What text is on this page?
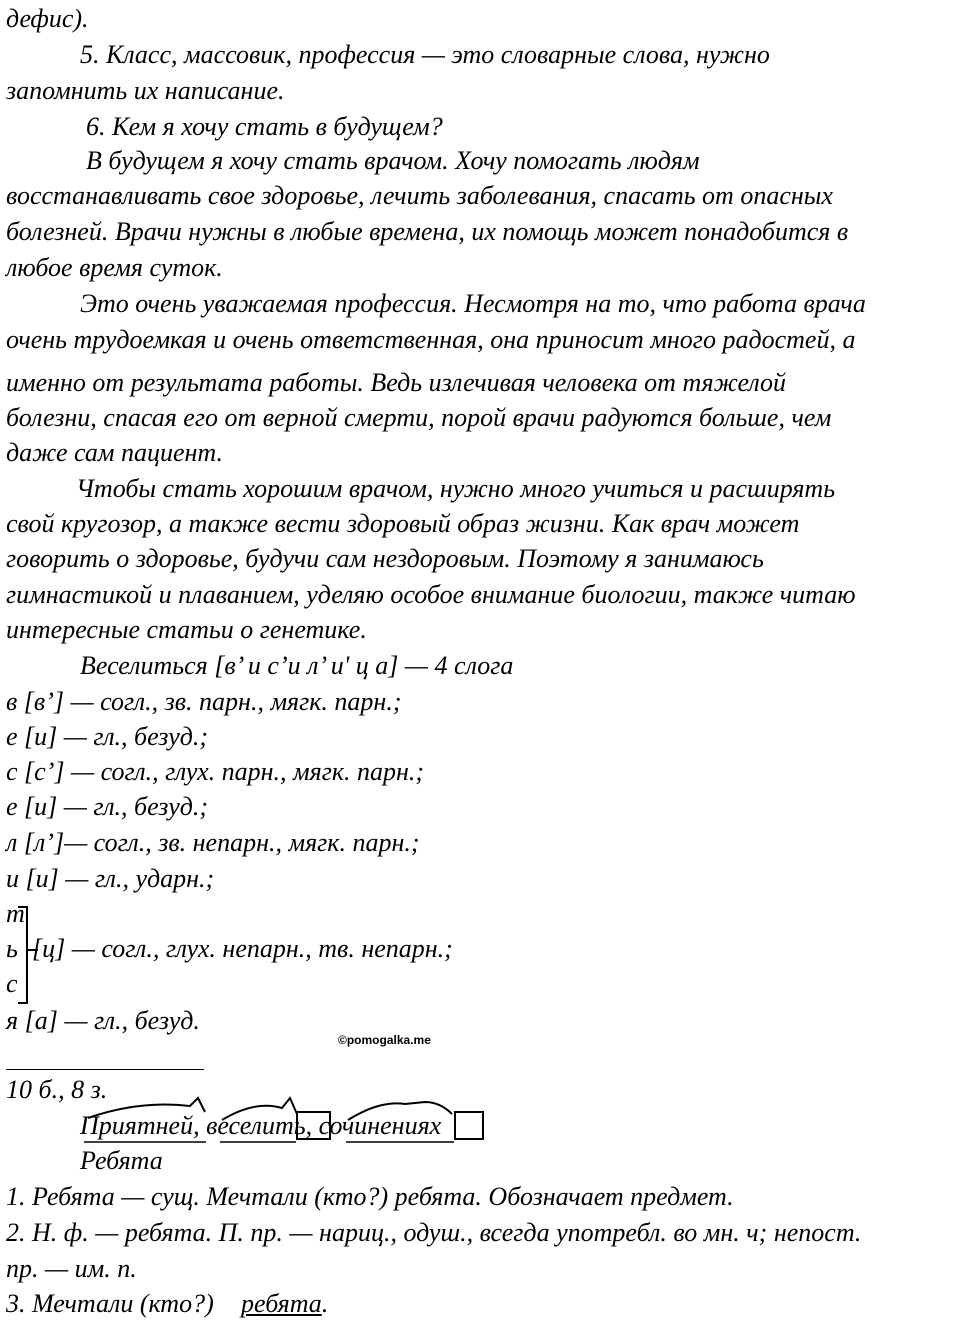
дефис).
5. Класс, массовик, профессия — это словарные слова, нужно
запомнить их написание.
6. Кем я хочу стать в будущем?
В будущем я хочу стать врачом. Хочу помогать людям
восстанавливать свое здоровье, лечить заболевания, спасать от опасных
болезней. Врачи нужны в любые времена, их помощь может понадобится в
любое время суток.
Это очень уважаемая профессия. Несмотря на то, что работа врача
очень трудоемкая и очень ответственная, она приносит много радостей, а
именно от результата работы. Ведь излечивая человека от тяжелой
болезни, спасая его от верной смерти, порой врачи радуются больше, чем
даже сам пациент.
Чтобы стать хорошим врачом, нужно много учиться и расширять
свой кругозор, а также вести здоровый образ жизни. Как врач может
говорить о здоровье, будучи сам нездоровым. Поэтому я занимаюсь
гимнастикой и плаванием, уделяю особое внимание биологии, также читаю
интересные статьи о генетике.
Веселиться [в’ и с’и л’ и' ц а] — 4 слога
в [в’] — согл., зв. парн., мягк. парн.;
е [и] — гл., безуд.;
с [с’] — согл., глух. парн., мягк. парн.;
е [и] — гл., безуд.;
л [л’]— согл., зв. непарн., мягк. парн.;
и [и] — гл., ударн.;
т
ь [ц] — согл., глух. непарн., тв. непарн.;
с
я [а] — гл., безуд.
10 б., 8 з.
Ребята
1. Ребята — сущ. Мечтали (кто?) ребята. Обозначает предмет.
2. Н. ф. — ребята. П. пр. — нариц., одуш., всегда употребл. во мн. ч; непост.
пр. — им. п.
3. Мечтали (кто?)
©pomogalka.me
Приятней, веселить, сочинениях
ребята.
